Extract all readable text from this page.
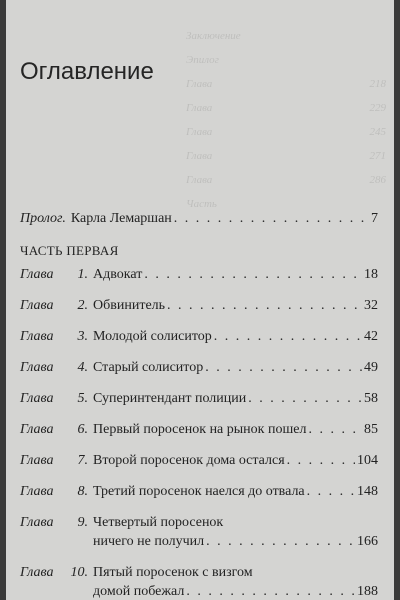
Заключение
Эпилог
Глава	218
Глава	229
Глава	245
Глава	271
Глава	286
Часть
Оглавление
Пролог. Карла Лемаршан . . .	7
ЧАСТЬ ПЕРВАЯ
Глава	1. Адвокат . . .	18
Глава	2. Обвинитель . . .	32
Глава	3. Молодой солиситор . . .	42
Глава	4. Старый солиситор . . .	49
Глава	5. Суперинтендант полиции . . .	58
Глава	6. Первый поросенок на рынок пошел . . .	85
Глава	7. Второй поросенок дома остался . . .	104
Глава	8. Третий поросенок наелся до отвала . . .	148
Глава	9. Четвертый поросенок
ничего не получил . . .	166
Глава	10. Пятый поросенок с визгом
домой побежал . . .	188
